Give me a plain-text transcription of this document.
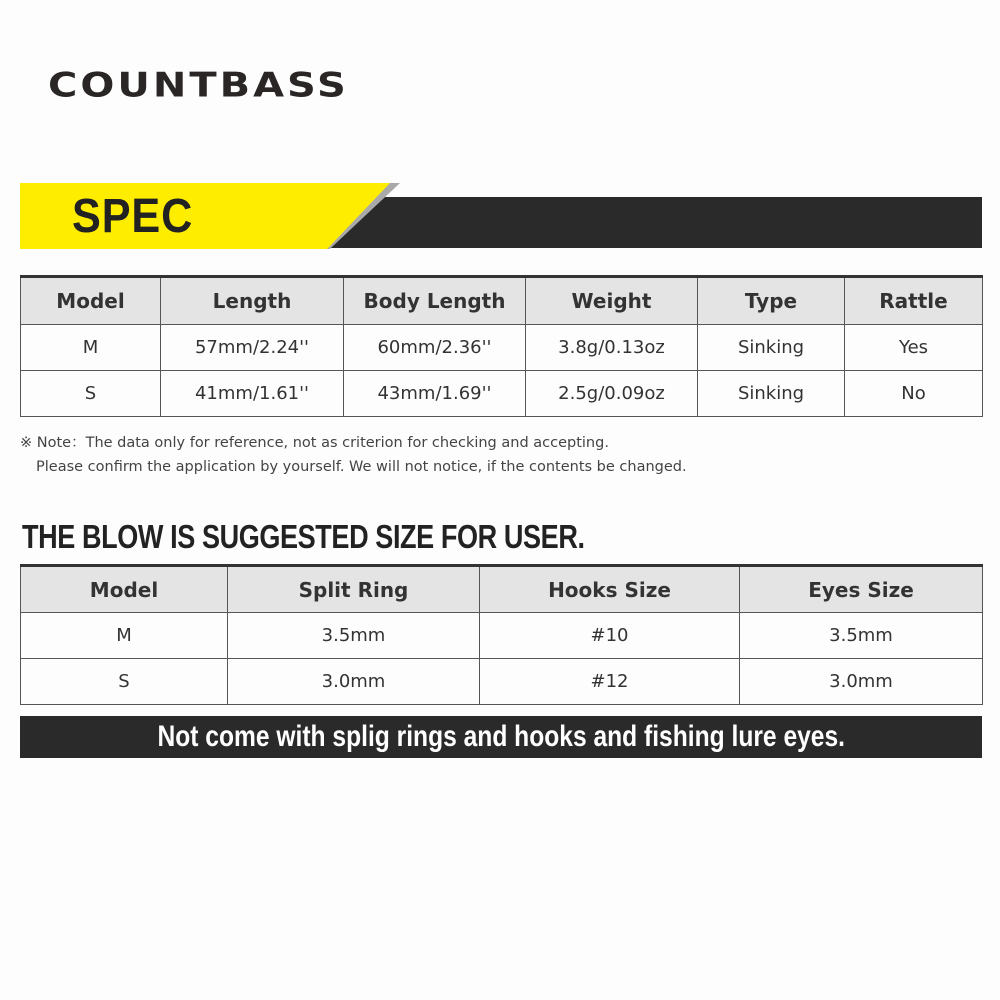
COUNTBASS
SPEC
Model	Length	Body Length	Weight	Type	Rattle
M	57mm/2.24''	60mm/2.36''	3.8g/0.13oz	Sinking	Yes
S	41mm/1.61''	43mm/1.69''	2.5g/0.09oz	Sinking	No
※ Note：The data only for reference, not as criterion for checking and accepting.
Please confirm the application by yourself. We will not notice, if the contents be changed.
THE BLOW IS SUGGESTED SIZE FOR USER.
Model	Split Ring	Hooks Size	Eyes Size
M	3.5mm	#10	3.5mm
S	3.0mm	#12	3.0mm
Not come with splig rings and hooks and fishing lure eyes.
